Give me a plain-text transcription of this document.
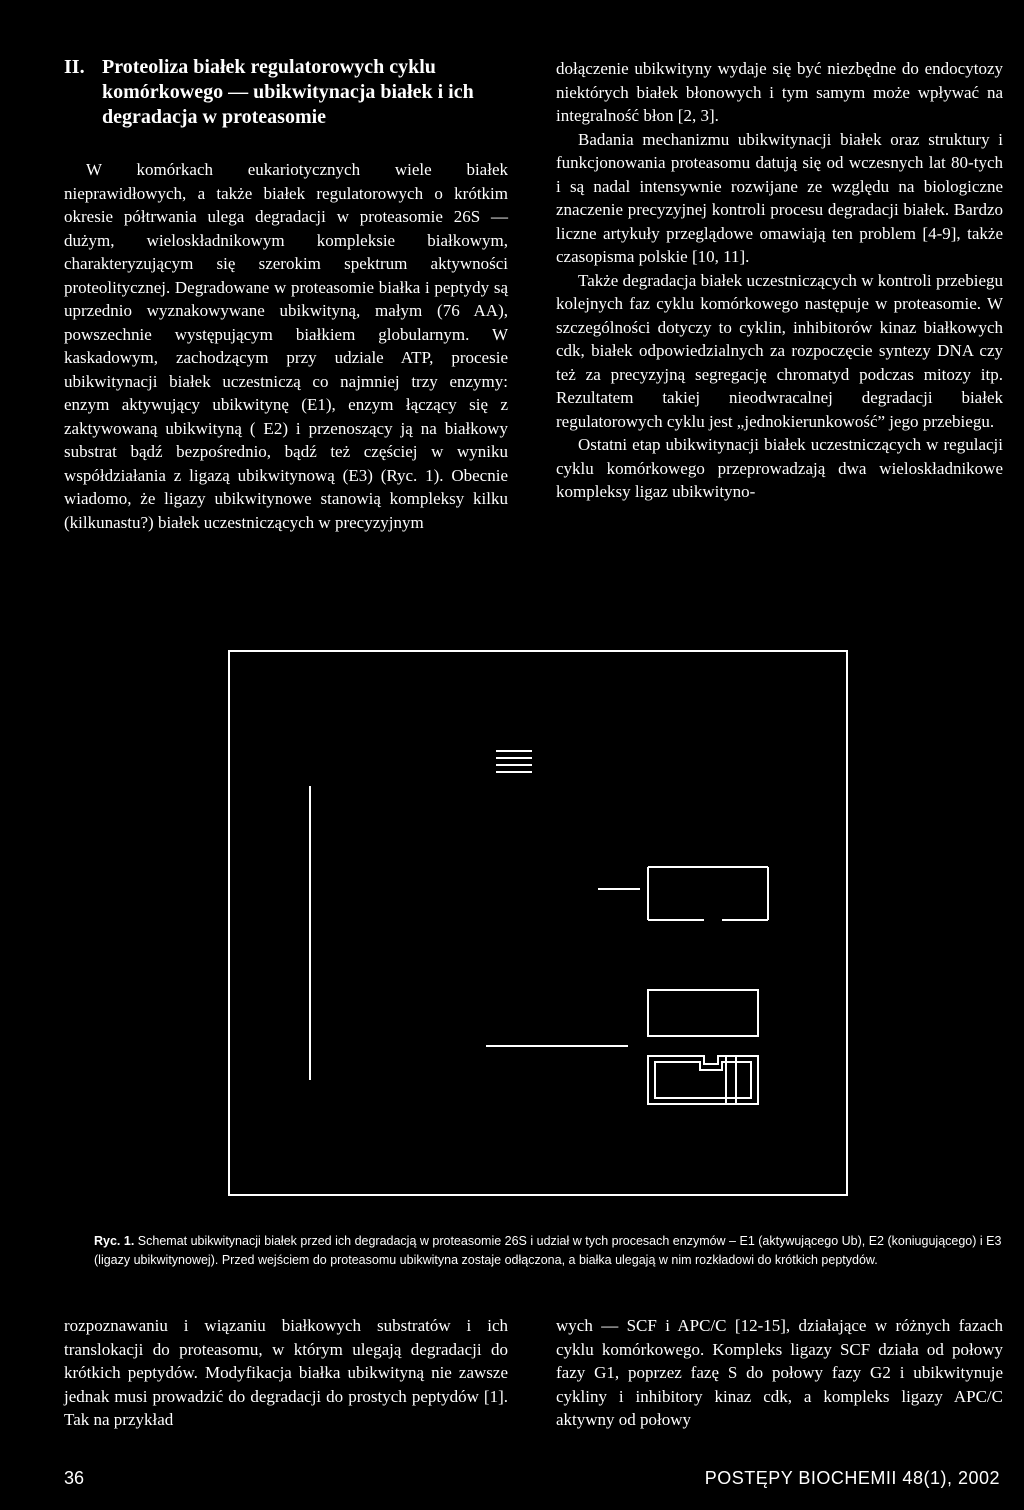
II. Proteoliza białek regulatorowych cyklu komórkowego — ubikwitynacja białek i ich degradacja w proteasomie

W komórkach eukariotycznych wiele białek nieprawidłowych, a także białek regulatorowych o krótkim okresie półtrwania ulega degradacji w proteasomie 26S — dużym, wieloskładnikowym kompleksie białkowym, charakteryzującym się szerokim spektrum aktywności proteolitycznej. Degradowane w proteasomie białka i peptydy są uprzednio wyznakowywane ubikwityną, małym (76 AA), powszechnie występującym białkiem globularnym. W kaskadowym, zachodzącym przy udziale ATP, procesie ubikwitynacji białek uczestniczą co najmniej trzy enzymy: enzym aktywujący ubikwitynę (E1), enzym łączący się z zaktywowaną ubikwityną ( E2) i przenoszący ją na białkowy substrat bądź bezpośrednio, bądź też częściej w wyniku współdziałania z ligazą ubikwitynową (E3) (Ryc. 1). Obecnie wiadomo, że ligazy ubikwitynowe stanowią kompleksy kilku (kilkunastu?) białek uczestniczących w precyzyjnym

dołączenie ubikwityny wydaje się być niezbędne do endocytozy niektórych białek błonowych i tym samym może wpływać na integralność błon [2, 3].

Badania mechanizmu ubikwitynacji białek oraz struktury i funkcjonowania proteasomu datują się od wczesnych lat 80-tych i są nadal intensywnie rozwijane ze względu na biologiczne znaczenie precyzyjnej kontroli procesu degradacji białek. Bardzo liczne artykuły przeglądowe omawiają ten problem [4-9], także czasopisma polskie [10, 11].

Także degradacja białek uczestniczących w kontroli przebiegu kolejnych faz cyklu komórkowego następuje w proteasomie. W szczególności dotyczy to cyklin, inhibitorów kinaz białkowych cdk, białek odpowiedzialnych za rozpoczęcie syntezy DNA czy też za precyzyjną segregację chromatyd podczas mitozy itp. Rezultatem takiej nieodwracalnej degradacji białek regulatorowych cyklu jest „jednokierunkowość” jego przebiegu.

Ostatni etap ubikwitynacji białek uczestniczących w regulacji cyklu komórkowego przeprowadzają dwa wieloskładnikowe kompleksy ligaz ubikwityno-

Ryc. 1. Schemat ubikwitynacji białek przed ich degradacją w proteasomie 26S i udział w tych procesach enzymów – E1 (aktywującego Ub), E2 (koniugującego) i E3 (ligazy ubikwitynowej). Przed wejściem do proteasomu ubikwityna zostaje odłączona, a białka ulegają w nim rozkładowi do krótkich peptydów.

rozpoznawaniu i wiązaniu białkowych substratów i ich translokacji do proteasomu, w którym ulegają degradacji do krótkich peptydów. Modyfikacja białka ubikwityną nie zawsze jednak musi prowadzić do degradacji do prostych peptydów [1]. Tak na przykład

wych — SCF i APC/C [12-15], działające w różnych fazach cyklu komórkowego. Kompleks ligazy SCF działa od połowy fazy G1, poprzez fazę S do połowy fazy G2 i ubikwitynuje cykliny i inhibitory kinaz cdk, a kompleks ligazy APC/C aktywny od połowy

36	POSTĘPY BIOCHEMII 48(1), 2002
